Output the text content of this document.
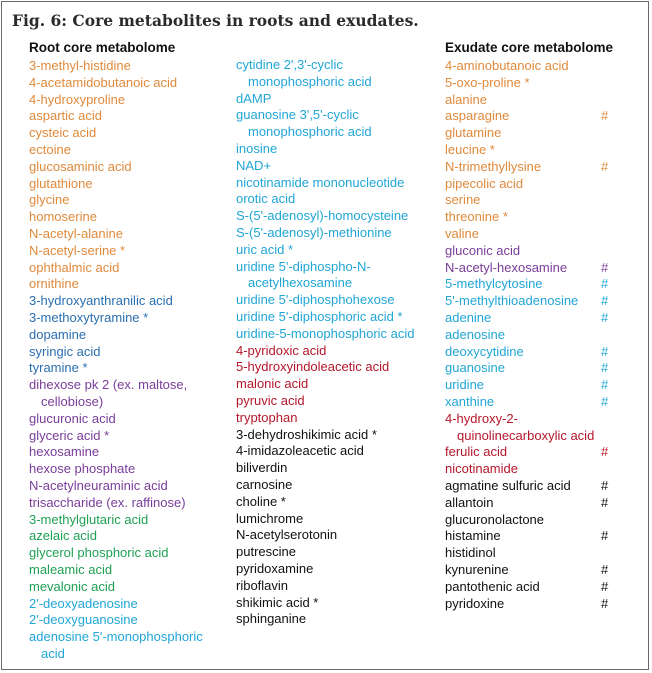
Fig. 6: Core metabolites in roots and exudates.
Root core metabolome
3-methyl-histidine
4-acetamidobutanoic acid
4-hydroxyproline
aspartic acid
cysteic acid
ectoine
glucosaminic acid
glutathione
glycine
homoserine
N-acetyl-alanine
N-acetyl-serine *
ophthalmic acid
ornithine
3-hydroxyanthranilic acid
3-methoxytyramine *
dopamine
syringic acid
tyramine *
dihexose pk 2 (ex. maltose,
cellobiose)
glucuronic acid
glyceric acid *
hexosamine
hexose phosphate
N-acetylneuraminic acid
trisaccharide (ex. raffinose)
3-methylglutaric acid
azelaic acid
glycerol phosphoric acid
maleamic acid
mevalonic acid
2'-deoxyadenosine
2'-deoxyguanosine
adenosine 5'-monophosphoric
acid
cytidine 2',3'-cyclic
monophosphoric acid
dAMP
guanosine 3',5'-cyclic
monophosphoric acid
inosine
NAD+
nicotinamide mononucleotide
orotic acid
S-(5'-adenosyl)-homocysteine
S-(5'-adenosyl)-methionine
uric acid *
uridine 5'-diphospho-N-
acetylhexosamine
uridine 5'-diphosphohexose
uridine 5'-diphosphoric acid *
uridine-5-monophosphoric acid
4-pyridoxic acid
5-hydroxyindoleacetic acid
malonic acid
pyruvic acid
tryptophan
3-dehydroshikimic acid *
4-imidazoleacetic acid
biliverdin
carnosine
choline *
lumichrome
N-acetylserotonin
putrescine
pyridoxamine
riboflavin
shikimic acid *
sphinganine
Exudate core metabolome
4-aminobutanoic acid
5-oxo-proline *
alanine
asparagine	#
glutamine
leucine *
N-trimethyllysine	#
pipecolic acid
serine
threonine *
valine
gluconic acid
N-acetyl-hexosamine	#
5-methylcytosine	#
5'-methylthioadenosine #
adenine	#
adenosine
deoxycytidine	#
guanosine	#
uridine	#
xanthine	#
4-hydroxy-2-
quinolinecarboxylic acid
ferulic acid	#
nicotinamide
agmatine sulfuric acid #
allantoin	#
glucuronolactone
histamine	#
histidinol
kynurenine	#
pantothenic acid	#
pyridoxine	#
